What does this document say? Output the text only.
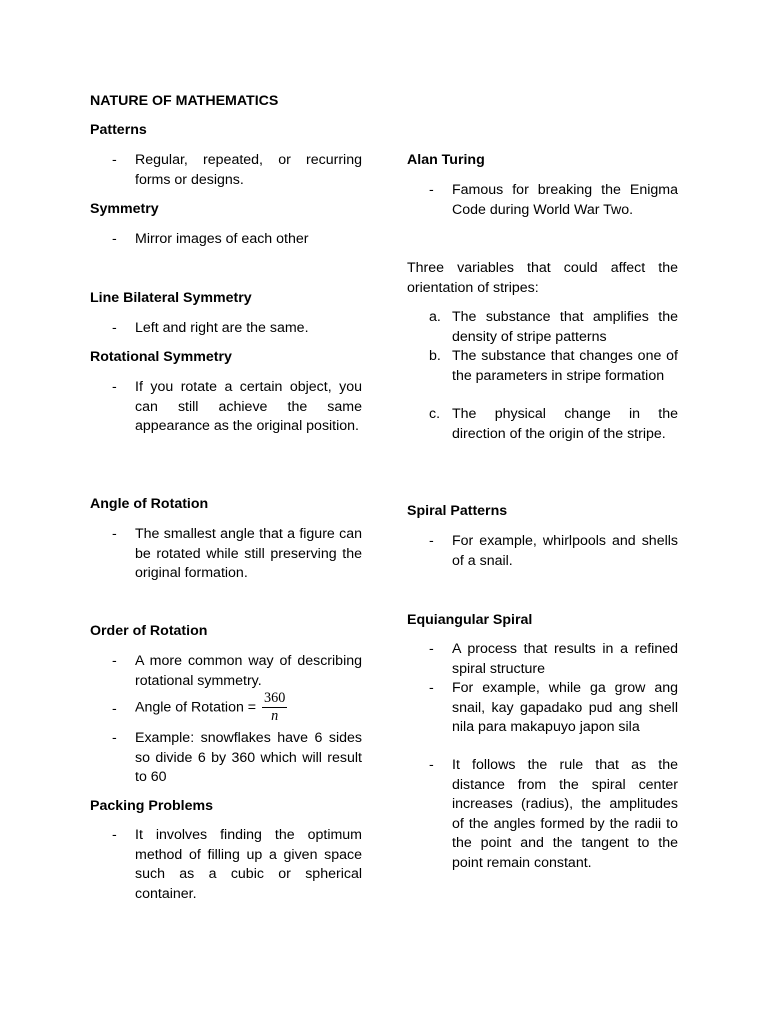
NATURE OF MATHEMATICS
Patterns
- Regular, repeated, or recurring forms or designs.
Symmetry
- Mirror images of each other
Line Bilateral Symmetry
- Left and right are the same.
Rotational Symmetry
- If you rotate a certain object, you can still achieve the same appearance as the original position.
Angle of Rotation
- The smallest angle that a figure can be rotated while still preserving the original formation.
Order of Rotation
- A more common way of describing rotational symmetry.
- Angle of Rotation = $\frac{360}{n}$
- Example: snowflakes have 6 sides so divide 6 by 360 which will result to 60
Packing Problems
- It involves finding the optimum method of filling up a given space such as a cubic or spherical container.
Alan Turing
- Famous for breaking the Enigma Code during World War Two.
Three variables that could affect the orientation of stripes:
a. The substance that amplifies the density of stripe patterns
b. The substance that changes one of the parameters in stripe formation
c. The physical change in the direction of the origin of the stripe.
Spiral Patterns
- For example, whirlpools and shells of a snail.
Equiangular Spiral
- A process that results in a refined spiral structure
- For example, while ga grow ang snail, kay gapadako pud ang shell nila para makapuyo japon sila
- It follows the rule that as the distance from the spiral center increases (radius), the amplitudes of the angles formed by the radii to the point and the tangent to the point remain constant.
